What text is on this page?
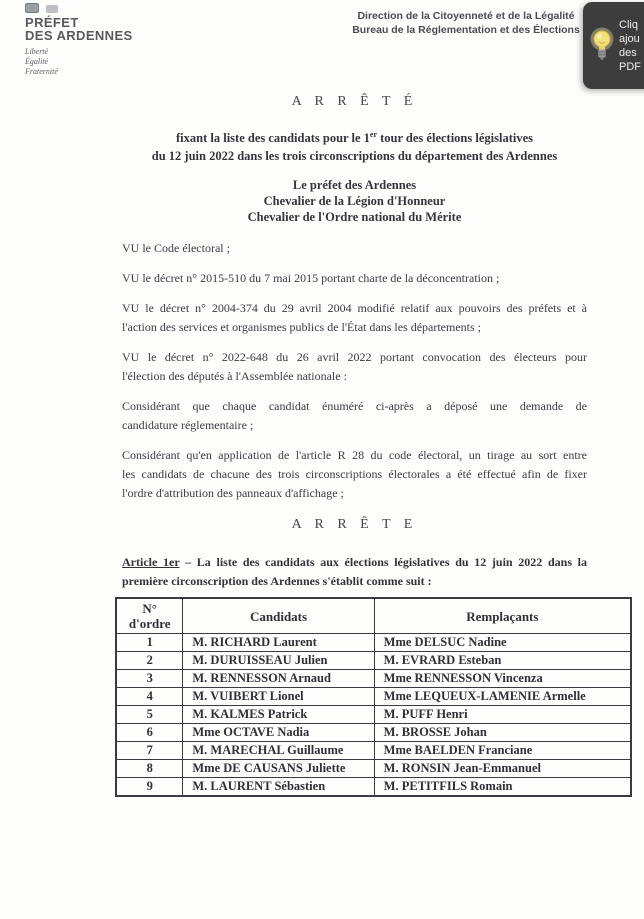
PRÉFET
DES ARDENNES
Liberté
Égalité
Fraternité
Direction de la Citoyenneté et de la Légalité
Bureau de la Réglementation et des Élections	Cliq
ajou
des
PDF
A R R Ê T É
fixant la liste des candidats pour le 1er tour des élections législatives
du 12 juin 2022 dans les trois circonscriptions du département des Ardennes
Le préfet des Ardennes
Chevalier de la Légion d'Honneur
Chevalier de l'Ordre national du Mérite
VU le Code électoral ;
VU le décret n° 2015-510 du 7 mai 2015 portant charte de la déconcentration ;
VU le décret n° 2004-374 du 29 avril 2004 modifié relatif aux pouvoirs des préfets et à
l'action des services et organismes publics de l'État dans les départements ;
VU le décret n° 2022-648 du 26 avril 2022 portant convocation des électeurs pour
l'élection des députés à l'Assemblée nationale :
Considérant que chaque candidat énuméré ci-après a déposé une demande de
candidature réglementaire ;
Considérant qu'en application de l'article R 28 du code électoral, un tirage au sort entre
les candidats de chacune des trois circonscriptions électorales a été effectué afin de fixer
l'ordre d'attribution des panneaux d'affichage ;
A R R Ê T E
Article 1er – La liste des candidats aux élections législatives du 12 juin 2022 dans la
première circonscription des Ardennes s'établit comme suit :
N°
d'ordre	Candidats	Remplaçants
1	M. RICHARD Laurent	Mme DELSUC Nadine
2	M. DURUISSEAU Julien	M. EVRARD Esteban
3	M. RENNESSON Arnaud	Mme RENNESSON Vincenza
4	M. VUIBERT Lionel	Mme LEQUEUX-LAMENIE Armelle
5	M. KALMES Patrick	M. PUFF Henri
6	Mme OCTAVE Nadia	M. BROSSE Johan
7	M. MARECHAL Guillaume	Mme BAELDEN Franciane
8	Mme DE CAUSANS Juliette	M. RONSIN Jean-Emmanuel
9	M. LAURENT Sébastien	M. PETITFILS Romain
